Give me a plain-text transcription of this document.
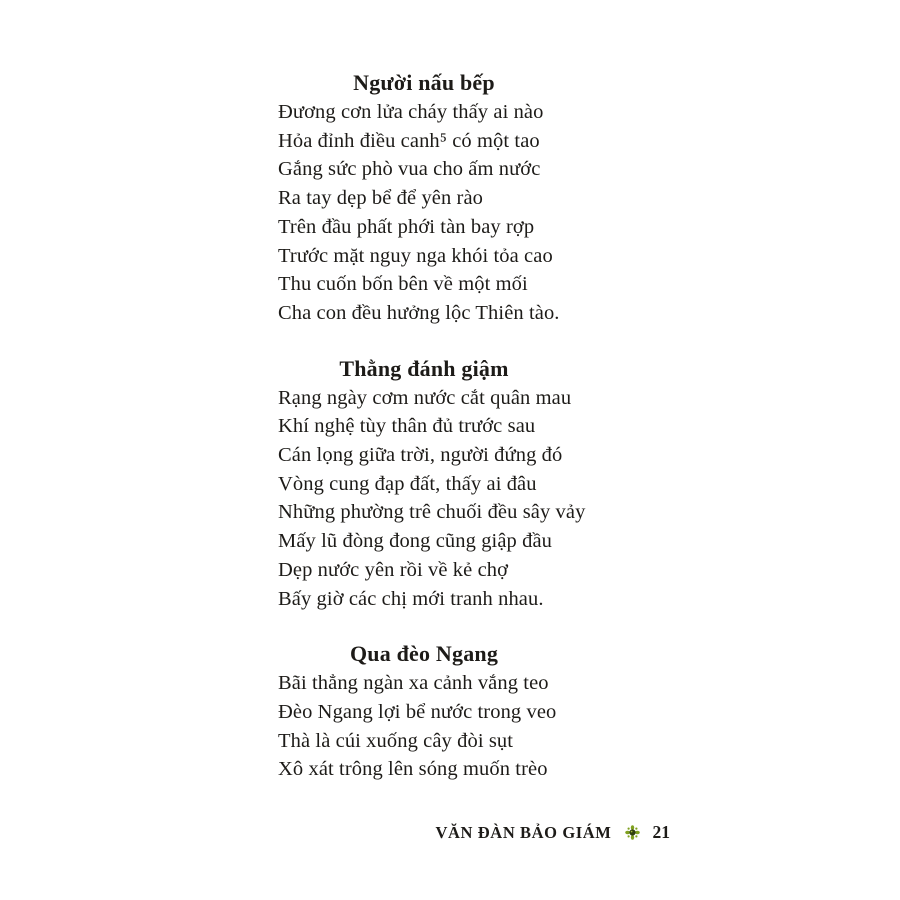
Người nấu bếp
Đương cơn lửa cháy thấy ai nào
Hỏa đỉnh điều canh⁵ có một tao
Gắng sức phò vua cho ấm nước
Ra tay dẹp bể để yên rào
Trên đầu phất phới tàn bay rợp
Trước mặt nguy nga khói tỏa cao
Thu cuốn bốn bên về một mối
Cha con đều hưởng lộc Thiên tào.
Thằng đánh giậm
Rạng ngày cơm nước cắt quân mau
Khí nghệ tùy thân đủ trước sau
Cán lọng giữa trời, người đứng đó
Vòng cung đạp đất, thấy ai đâu
Những phường trê chuối đều sây vảy
Mấy lũ đòng đong cũng giập đầu
Dẹp nước yên rồi về kẻ chợ
Bấy giờ các chị mới tranh nhau.
Qua đèo Ngang
Bãi thẳng ngàn xa cảnh vắng teo
Đèo Ngang lợi bể nước trong veo
Thà là cúi xuống cây đòi sụt
Xô xát trông lên sóng muốn trèo
VĂN ĐÀN BẢO GIÁM 21
